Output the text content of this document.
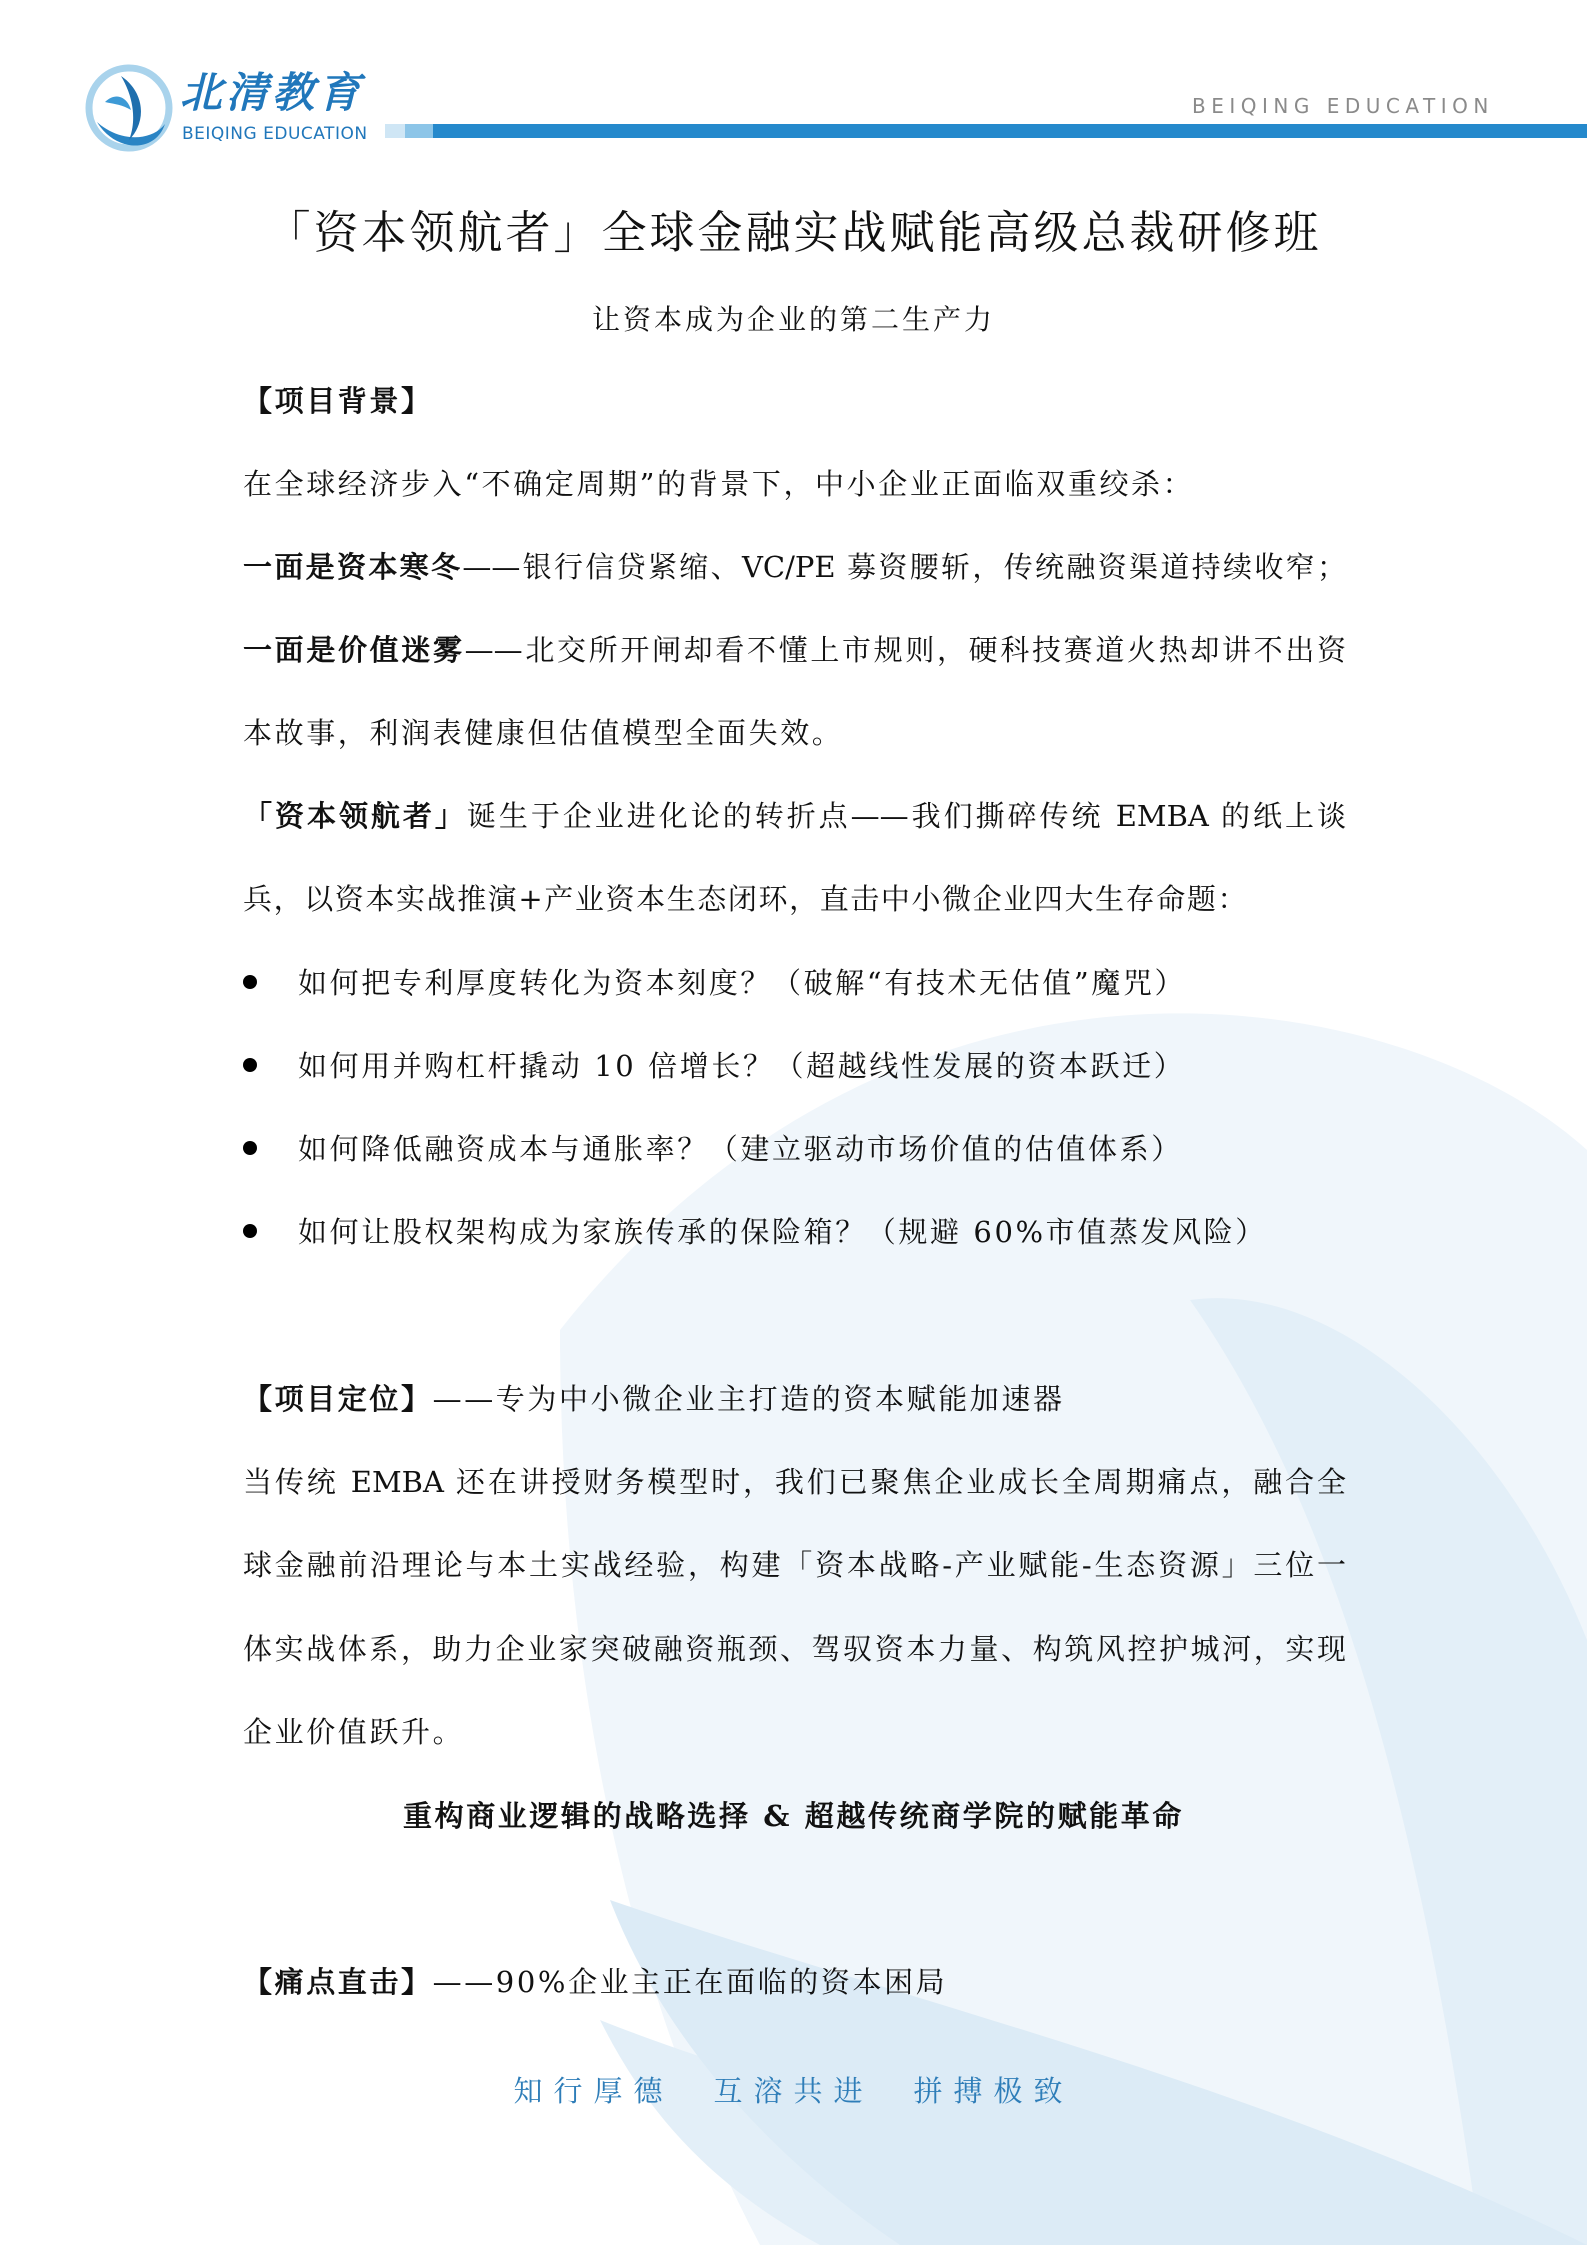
北清教育
BEIQING EDUCATION
BEIQING EDUCATION
「资本领航者」全球金融实战赋能高级总裁研修班
让资本成为企业的第二生产力
【项目背景】
在全球经济步入“不确定周期”的背景下，中小企业正面临双重绞杀：
一面是资本寒冬——银行信贷紧缩、VC/PE 募资腰斩，传统融资渠道持续收窄；
一面是价值迷雾——北交所开闸却看不懂上市规则，硬科技赛道火热却讲不出资
本故事，利润表健康但估值模型全面失效。
「资本领航者」诞生于企业进化论的转折点——我们撕碎传统 EMBA 的纸上谈
兵，以资本实战推演+产业资本生态闭环，直击中小微企业四大生存命题：
如何把专利厚度转化为资本刻度？（破解“有技术无估值”魔咒）
如何用并购杠杆撬动 10 倍增长？（超越线性发展的资本跃迁）
如何降低融资成本与通胀率？（建立驱动市场价值的估值体系）
如何让股权架构成为家族传承的保险箱？（规避 60%市值蒸发风险）
【项目定位】——专为中小微企业主打造的资本赋能加速器
当传统 EMBA 还在讲授财务模型时，我们已聚焦企业成长全周期痛点，融合全
球金融前沿理论与本土实战经验，构建「资本战略-产业赋能-生态资源」三位一
体实战体系，助力企业家突破融资瓶颈、驾驭资本力量、构筑风控护城河，实现
企业价值跃升。
重构商业逻辑的战略选择 & 超越传统商学院的赋能革命
【痛点直击】——90%企业主正在面临的资本困局
知行厚德 互溶共进 拼搏极致
